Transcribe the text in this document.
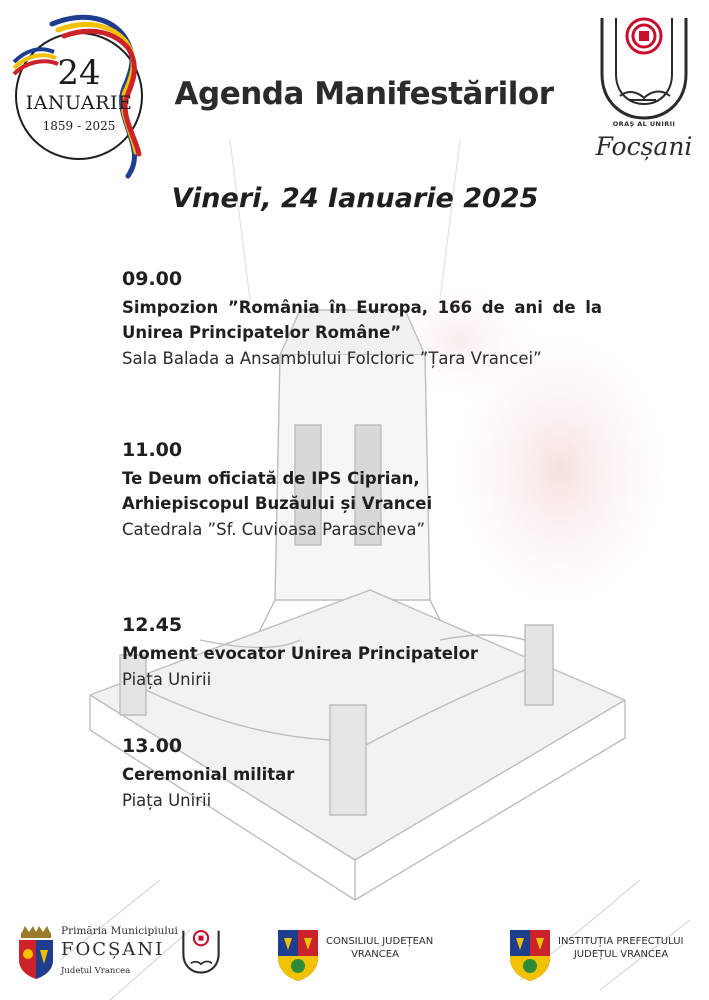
24
IANUARIE
1859 - 2025
Agenda Manifestărilor
ORAȘ AL UNIRII
Focșani
Vineri, 24 Ianuarie 2025
09.00
Simpozion ”România în Europa, 166 de ani de la Unirea Principatelor Române”
Sala Balada a Ansamblului Folcloric ”Țara Vrancei”
11.00
Te Deum oficiată de IPS Ciprian,
Arhiepiscopul Buzăului și Vrancei
Catedrala ”Sf. Cuvioasa Parascheva”
12.45
Moment evocator Unirea Principatelor
Piața Unirii
13.00
Ceremonial militar
Piața Unirii
Primăria Municipiului
FOCȘANI
Județul Vrancea
CONSILIUL JUDEȚEAN
VRANCEA
INSTITUȚIA PREFECTULUI
JUDEȚUL VRANCEA
